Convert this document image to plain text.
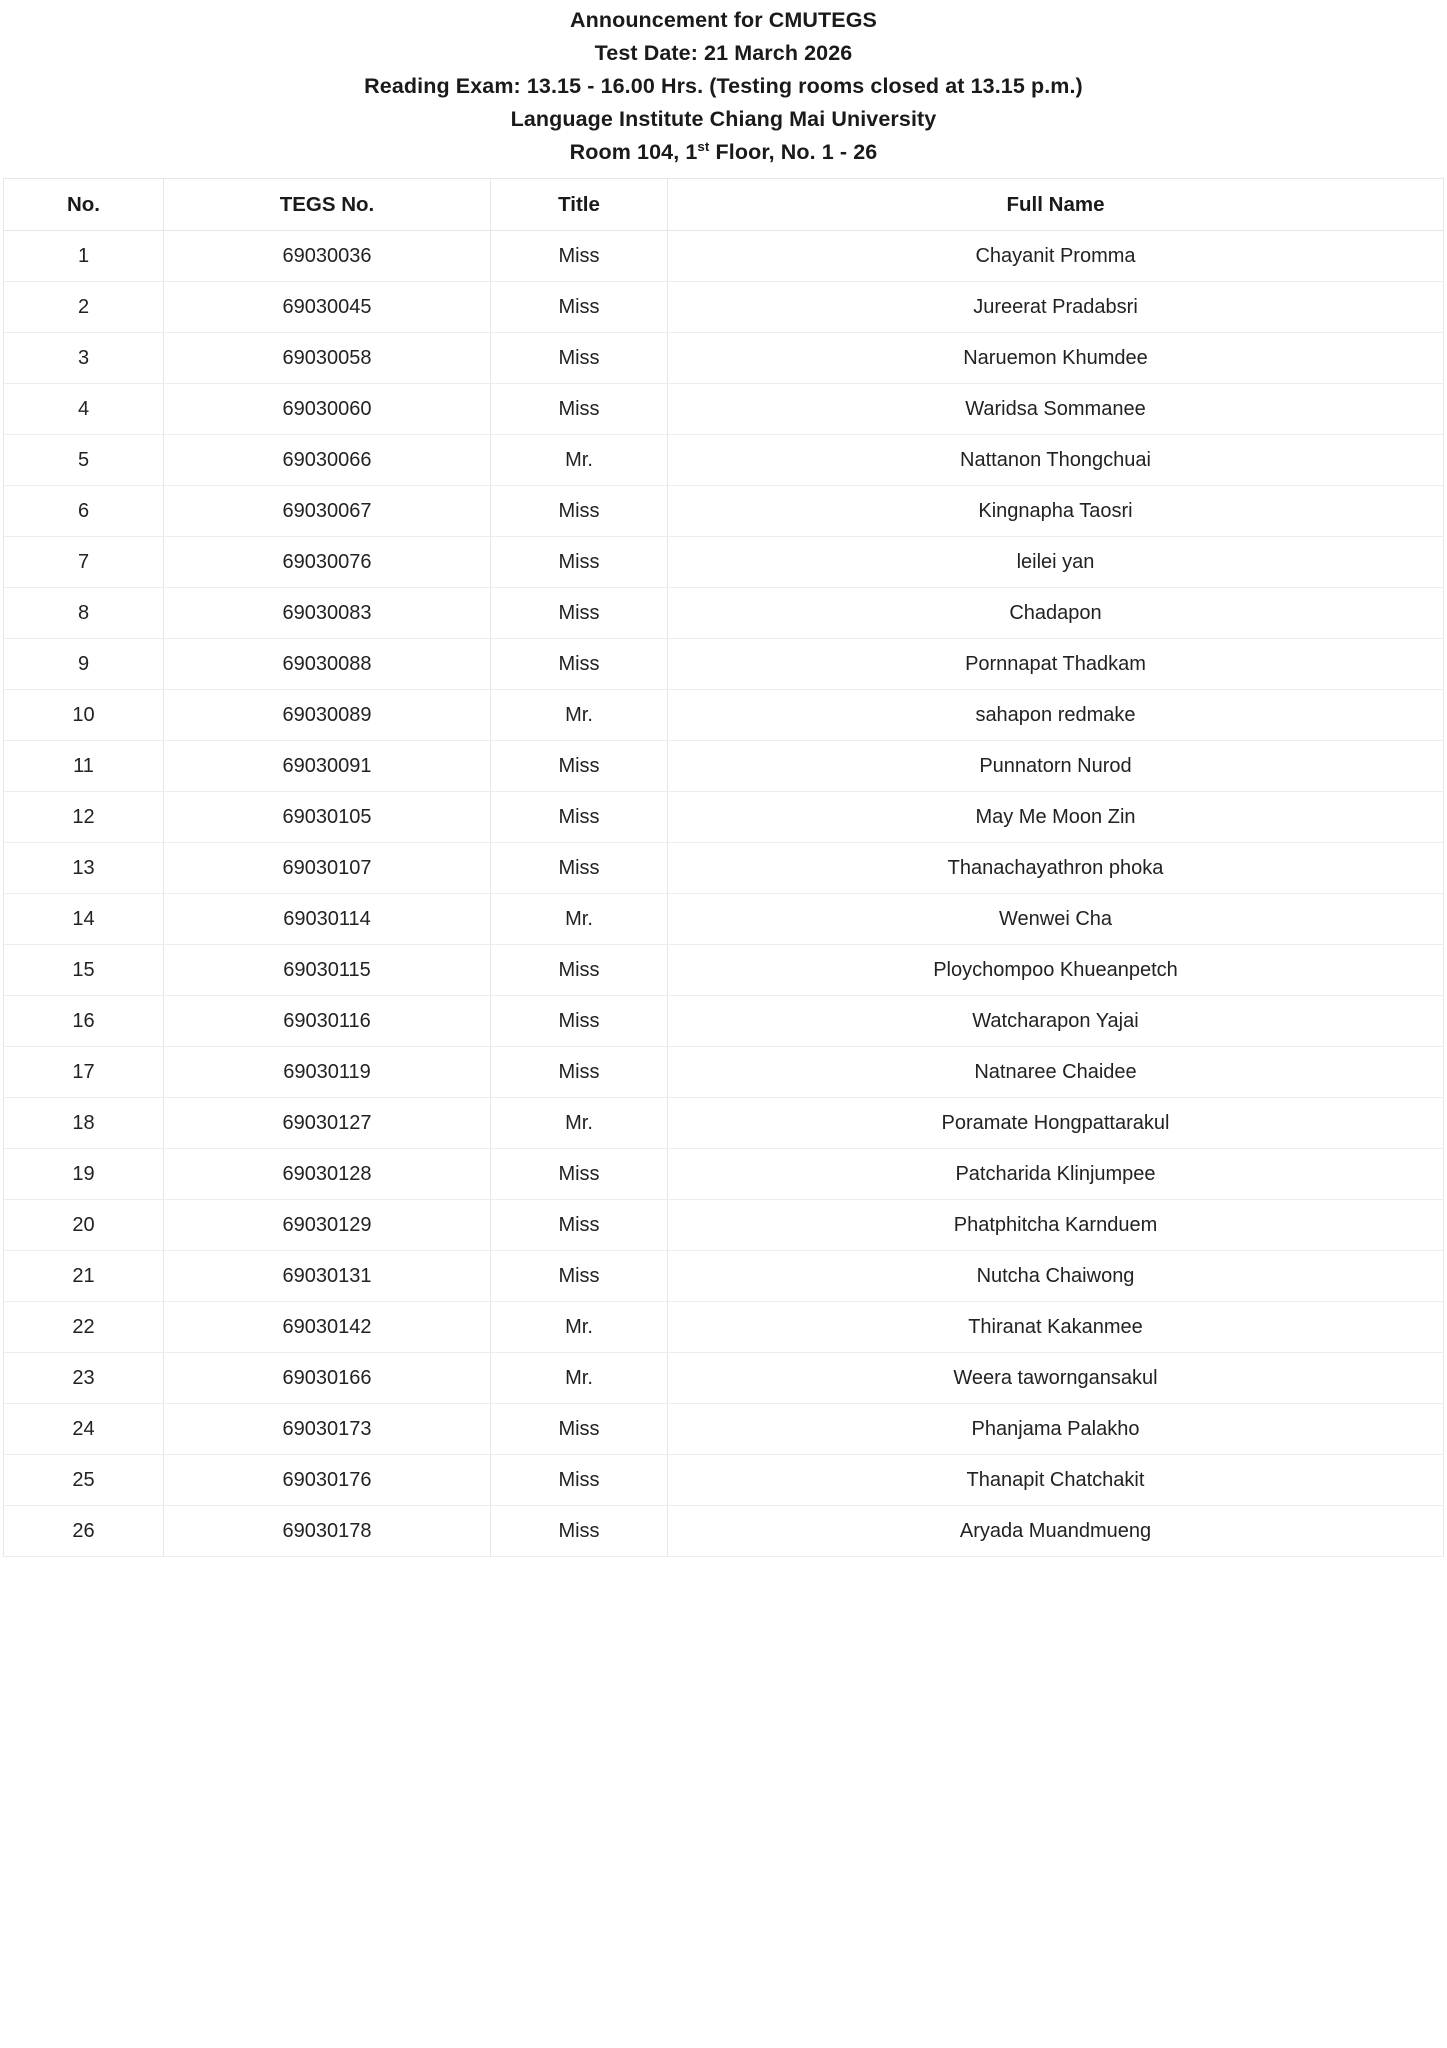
Announcement for CMUTEGS
Test Date: 21 March 2026
Reading Exam: 13.15 - 16.00 Hrs. (Testing rooms closed at 13.15 p.m.)
Language Institute Chiang Mai University
Room 104, 1st Floor, No. 1 - 26
No.	TEGS No.	Title	Full Name
1	69030036	Miss	Chayanit Promma
2	69030045	Miss	Jureerat Pradabsri
3	69030058	Miss	Naruemon Khumdee
4	69030060	Miss	Waridsa Sommanee
5	69030066	Mr.	Nattanon Thongchuai
6	69030067	Miss	Kingnapha Taosri
7	69030076	Miss	leilei yan
8	69030083	Miss	Chadapon
9	69030088	Miss	Pornnapat Thadkam
10	69030089	Mr.	sahapon redmake
11	69030091	Miss	Punnatorn Nurod
12	69030105	Miss	May Me Moon Zin
13	69030107	Miss	Thanachayathron phoka
14	69030114	Mr.	Wenwei Cha
15	69030115	Miss	Ploychompoo Khueanpetch
16	69030116	Miss	Watcharapon Yajai
17	69030119	Miss	Natnaree Chaidee
18	69030127	Mr.	Poramate Hongpattarakul
19	69030128	Miss	Patcharida Klinjumpee
20	69030129	Miss	Phatphitcha Karnduem
21	69030131	Miss	Nutcha Chaiwong
22	69030142	Mr.	Thiranat Kakanmee
23	69030166	Mr.	Weera taworngansakul
24	69030173	Miss	Phanjama Palakho
25	69030176	Miss	Thanapit Chatchakit
26	69030178	Miss	Aryada Muandmueng
